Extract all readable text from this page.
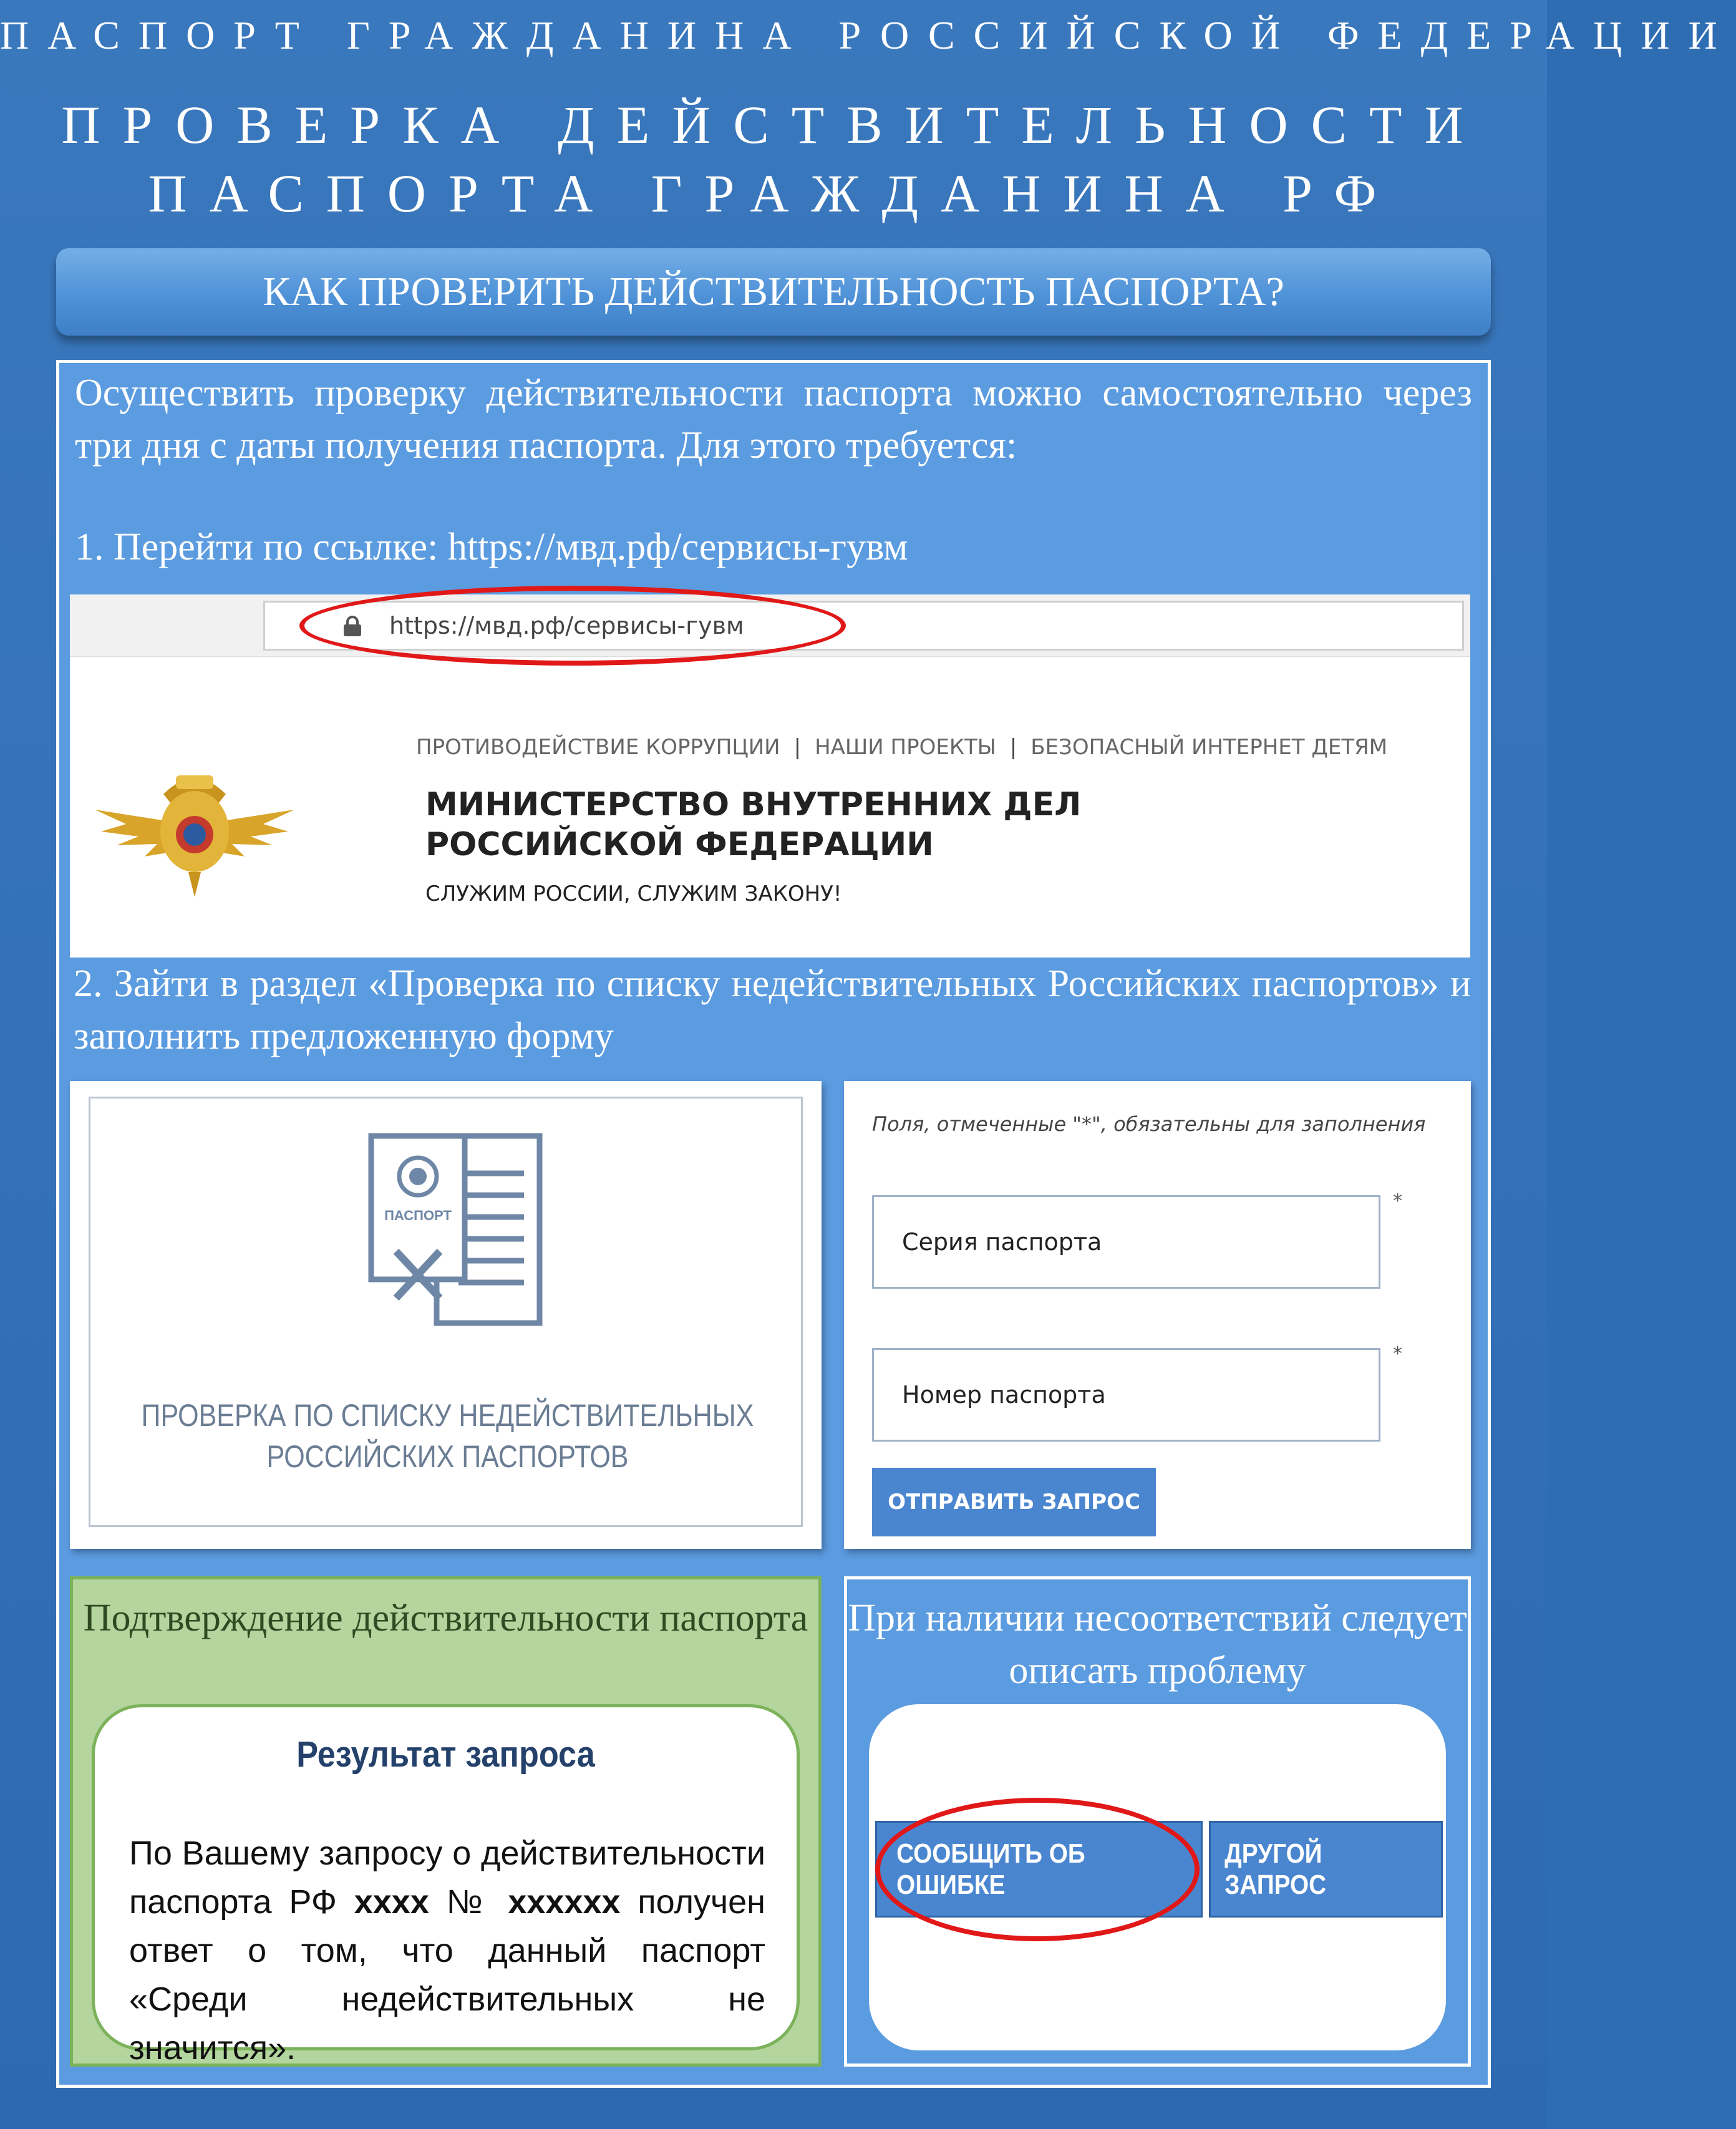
ПАСПОРТ ГРАЖДАНИНА РОССИЙСКОЙ ФЕДЕРАЦИИ
ПРОВЕРКА ДЕЙСТВИТЕЛЬНОСТИ
ПАСПОРТА ГРАЖДАНИНА РФ
КАК ПРОВЕРИТЬ ДЕЙСТВИТЕЛЬНОСТЬ ПАСПОРТА?
Осуществить проверку действительности паспорта можно самостоятельно через три дня с даты получения паспорта. Для этого требуется:
1. Перейти по ссылке: https://мвд.рф/сервисы-гувм
https://мвд.рф/сервисы-гувм
ПРОТИВОДЕЙСТВИЕ КОРРУПЦИИ | НАШИ ПРОЕКТЫ | БЕЗОПАСНЫЙ ИНТЕРНЕТ ДЕТЯМ
МИНИСТЕРСТВО ВНУТРЕННИХ ДЕЛ
РОССИЙСКОЙ ФЕДЕРАЦИИ
СЛУЖИМ РОССИИ, СЛУЖИМ ЗАКОНУ!
2. Зайти в раздел «Проверка по списку недействительных Российских паспортов» и заполнить предложенную форму
ПАСПОРТ
ПРОВЕРКА ПО СПИСКУ НЕДЕЙСТВИТЕЛЬНЫХ
РОССИЙСКИХ ПАСПОРТОВ
Поля, отмеченные "*", обязательны для заполнения
Серия паспорта
*
Номер паспорта
*
ОТПРАВИТЬ ЗАПРОС
Подтверждение действительности паспорта
Результат запроса
По Вашему запросу о действительности паспорта РФ xxxx № xxxxxx получен ответ о том, что данный паспорт «Среди недействительных не значится».
При наличии несоответствий следует описать проблему
СООБЩИТЬ ОБ ОШИБКЕ
ДРУГОЙ ЗАПРОС
